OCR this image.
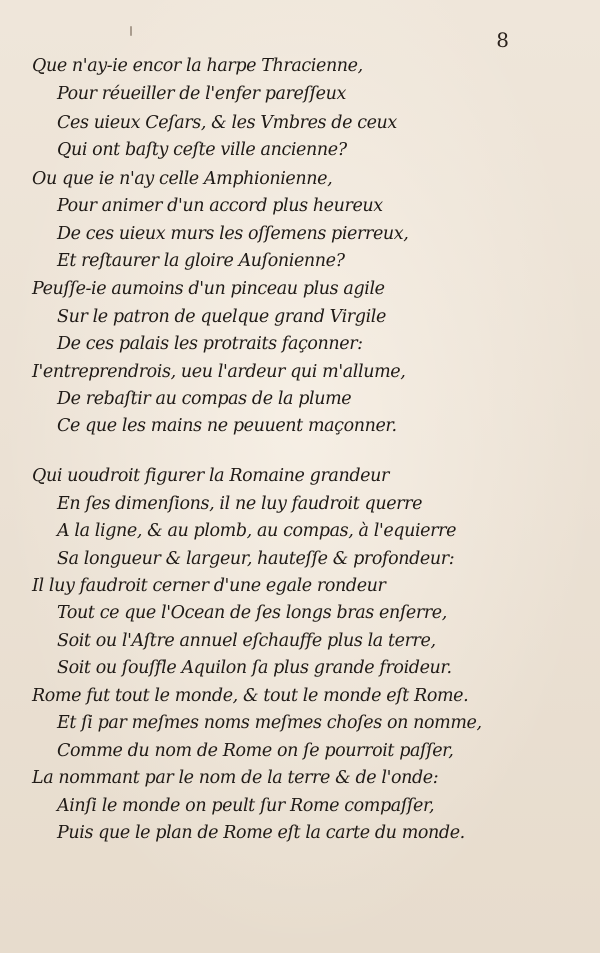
8
Que n'ay-ie encor la harpe Thracienne,
Pour réueiller de l'enfer pareſſeux
Ces uieux Ceſars, & les Vmbres de ceux
Qui ont baſty ceſte ville ancienne?
Ou que ie n'ay celle Amphionienne,
Pour animer d'un accord plus heureux
De ces uieux murs les oſſemens pierreux,
Et reſtaurer la gloire Auſonienne?
Peuſſe-ie aumoins d'un pinceau plus agile
Sur le patron de quelque grand Virgile
De ces palais les protraits façonner:
I'entreprendrois, ueu l'ardeur qui m'allume,
De rebaſtir au compas de la plume
Ce que les mains ne peuuent maçonner.
Qui uoudroit figurer la Romaine grandeur
En ſes dimenſions, il ne luy faudroit querre
A la ligne, & au plomb, au compas, à l'equierre
Sa longueur & largeur, hauteſſe & profondeur:
Il luy faudroit cerner d'une egale rondeur
Tout ce que l'Ocean de ſes longs bras enſerre,
Soit ou l'Aſtre annuel eſchauffe plus la terre,
Soit ou ſouſfle Aquilon ſa plus grande froideur.
Rome fut tout le monde, & tout le monde eſt Rome.
Et ſi par meſmes noms meſmes choſes on nomme,
Comme du nom de Rome on ſe pourroit paſſer,
La nommant par le nom de la terre & de l'onde:
Ainſi le monde on peult ſur Rome compaſſer,
Puis que le plan de Rome eſt la carte du monde.
